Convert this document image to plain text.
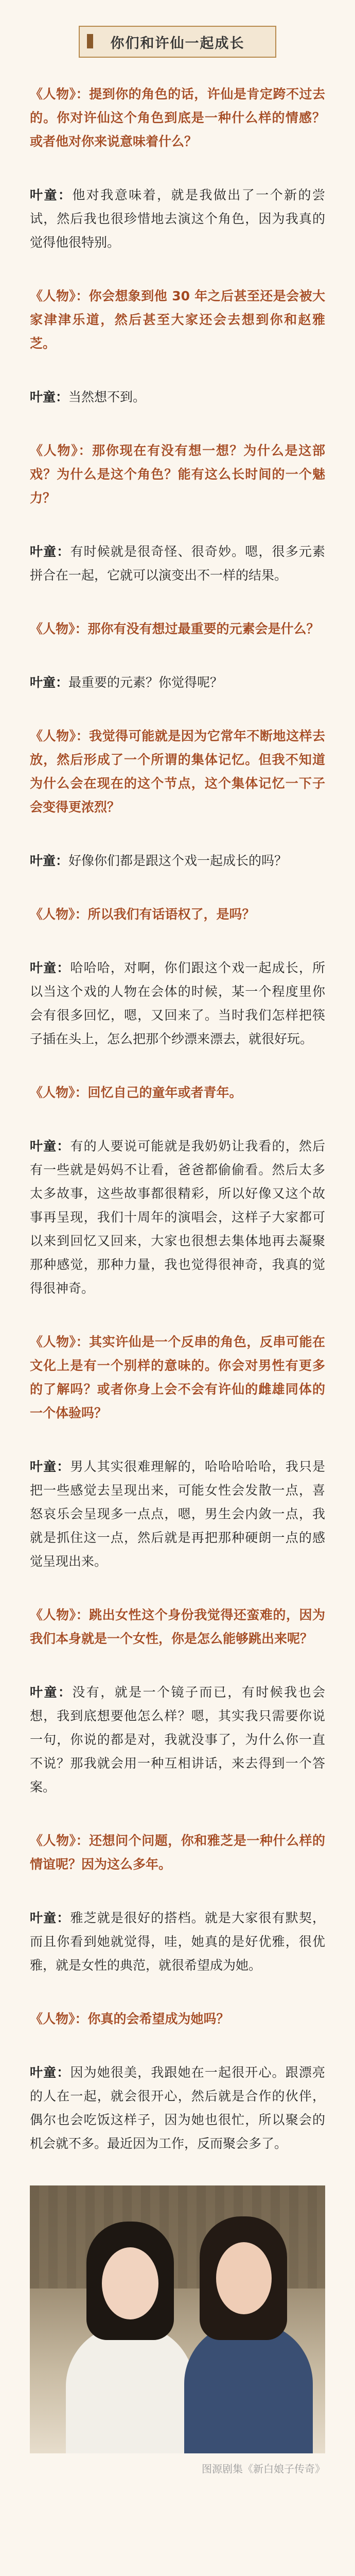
你们和许仙一起成长

《人物》：提到你的角色的话，许仙是肯定跨不过去的。你对许仙这个角色到底是一种什么样的情感？或者他对你来说意味着什么？

叶童：他对我意味着，就是我做出了一个新的尝试，然后我也很珍惜地去演这个角色，因为我真的觉得他很特别。

《人物》：你会想象到他 30 年之后甚至还是会被大家津津乐道，然后甚至大家还会去想到你和赵雅芝。

叶童：当然想不到。

《人物》：那你现在有没有想一想？为什么是这部戏？为什么是这个角色？能有这么长时间的一个魅力？

叶童：有时候就是很奇怪、很奇妙。嗯，很多元素拼合在一起，它就可以演变出不一样的结果。

《人物》：那你有没有想过最重要的元素会是什么？

叶童：最重要的元素？你觉得呢？

《人物》：我觉得可能就是因为它常年不断地这样去放，然后形成了一个所谓的集体记忆。但我不知道为什么会在现在的这个节点，这个集体记忆一下子会变得更浓烈？

叶童：好像你们都是跟这个戏一起成长的吗？

《人物》：所以我们有话语权了，是吗？

叶童：哈哈哈，对啊，你们跟这个戏一起成长，所以当这个戏的人物在会体的时候，某一个程度里你会有很多回忆，嗯，又回来了。当时我们怎样把筷子插在头上，怎么把那个纱漂来漂去，就很好玩。

《人物》：回忆自己的童年或者青年。

叶童：有的人要说可能就是我奶奶让我看的，然后有一些就是妈妈不让看，爸爸都偷偷看。然后太多太多故事，这些故事都很精彩，所以好像又这个故事再呈现，我们十周年的演唱会，这样子大家都可以来到回忆又回来，大家也很想去集体地再去凝聚那种感觉，那种力量，我也觉得很神奇，我真的觉得很神奇。

《人物》：其实许仙是一个反串的角色，反串可能在文化上是有一个别样的意味的。你会对男性有更多的了解吗？或者你身上会不会有许仙的雌雄同体的一个体验吗？

叶童：男人其实很难理解的，哈哈哈哈哈，我只是把一些感觉去呈现出来，可能女性会发散一点，喜怒哀乐会呈现多一点点，嗯，男生会内敛一点，我就是抓住这一点，然后就是再把那种硬朗一点的感觉呈现出来。

《人物》：跳出女性这个身份我觉得还蛮难的，因为我们本身就是一个女性，你是怎么能够跳出来呢？

叶童：没有，就是一个镜子而已，有时候我也会想，我到底想要他怎么样？嗯，其实我只需要你说一句，你说的都是对，我就没事了，为什么你一直不说？那我就会用一种互相讲话，来去得到一个答案。

《人物》：还想问个问题，你和雅芝是一种什么样的情谊呢？因为这么多年。

叶童：雅芝就是很好的搭档。就是大家很有默契，而且你看到她就觉得，哇，她真的是好优雅，很优雅，就是女性的典范，就很希望成为她。

《人物》：你真的会希望成为她吗？

叶童：因为她很美，我跟她在一起很开心。跟漂亮的人在一起，就会很开心，然后就是合作的伙伴，偶尔也会吃饭这样子，因为她也很忙，所以聚会的机会就不多。最近因为工作，反而聚会多了。

图源剧集《新白娘子传奇》
